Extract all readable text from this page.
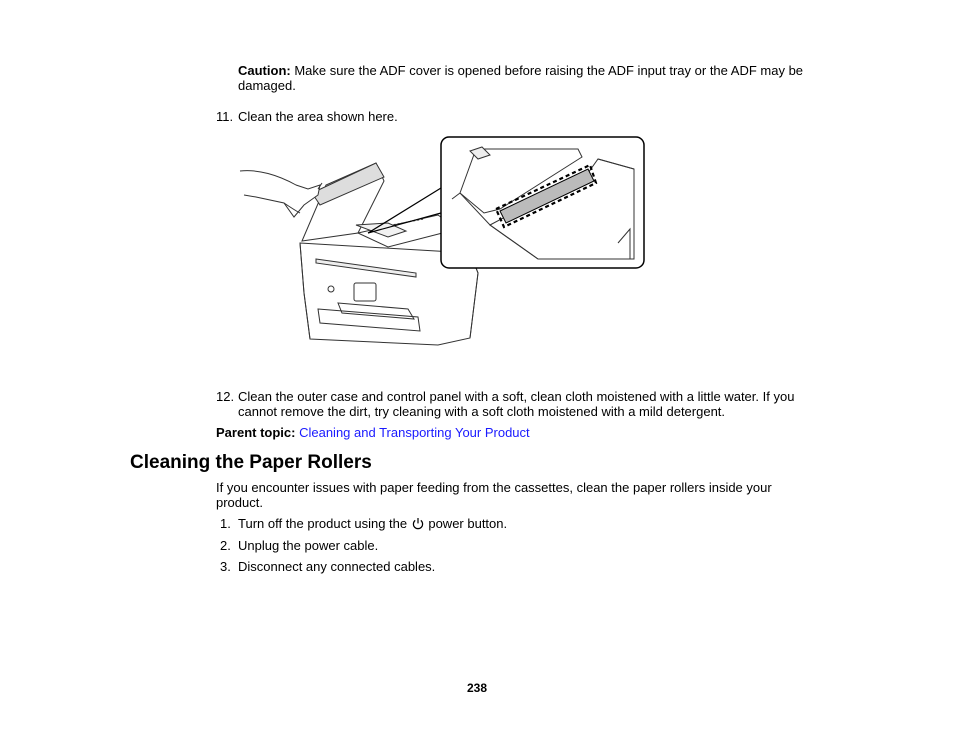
Caution: Make sure the ADF cover is opened before raising the ADF input tray or the ADF may be
damaged.
11. Clean the area shown here.
12. Clean the outer case and control panel with a soft, clean cloth moistened with a little water. If you
cannot remove the dirt, try cleaning with a soft cloth moistened with a mild detergent.
Parent topic: Cleaning and Transporting Your Product
Cleaning the Paper Rollers
If you encounter issues with paper feeding from the cassettes, clean the paper rollers inside your
product.
1. Turn off the product using the  power button.
2. Unplug the power cable.
3. Disconnect any connected cables.
238
